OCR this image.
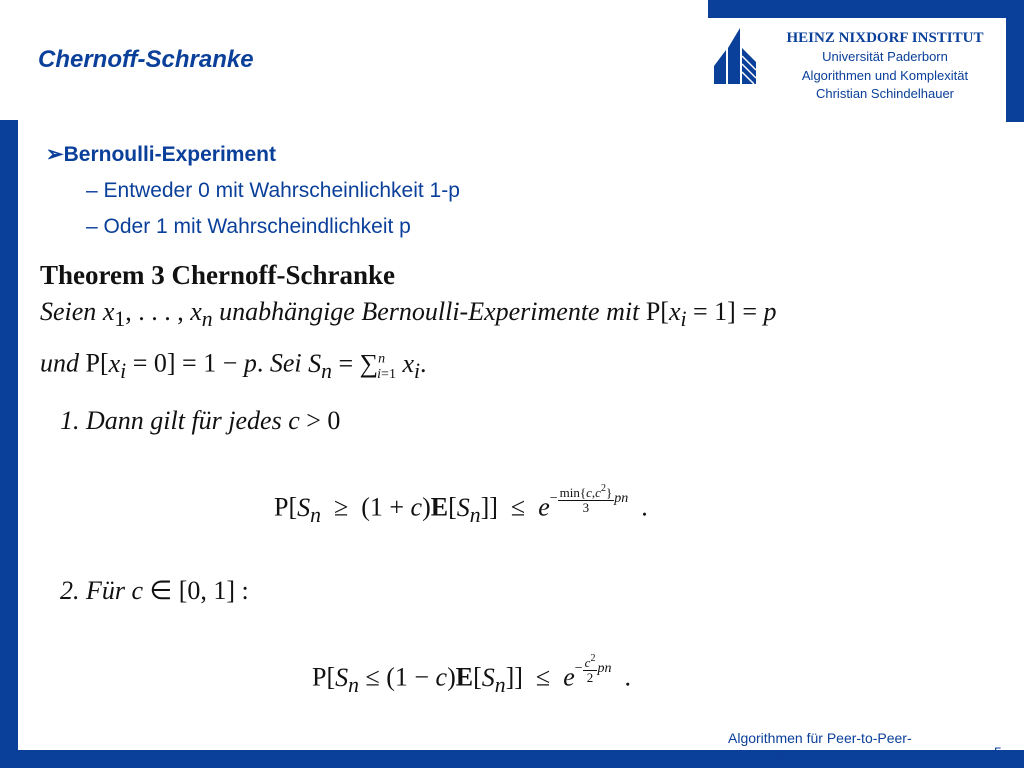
Chernoff-Schranke
HEINZ NIXDORF INSTITUT
Universität Paderborn
Algorithmen und Komplexität
Christian Schindelhauer
➢Bernoulli-Experiment
– Entweder 0 mit Wahrscheinlichkeit 1-p
– Oder 1 mit Wahrscheindlichkeit p
Theorem 3 Chernoff-Schranke
Seien $x_1$, . . . , $x_n$ unabhängige Bernoulli-Experimente mit $P[x_i = 1] = p$
und $P[x_i = 0] = 1 - p$. Sei $S_n = \sum^n_{i=1}$ $x_i$.
1. Dann gilt für jedes c > 0
$P[S_n \ge (1 + c)E[S_n]] \le e^{- \frac{\min\{c,c^2\}}{3} pn}$  .
2. Für c ∈ [0, 1] :
$P[S_n \le (1 - c)E[S_n]] \le e^{- \frac{c^2}{2} pn}$  .
Algorithmen für Peer-to-Peer-Netzwerke	5
